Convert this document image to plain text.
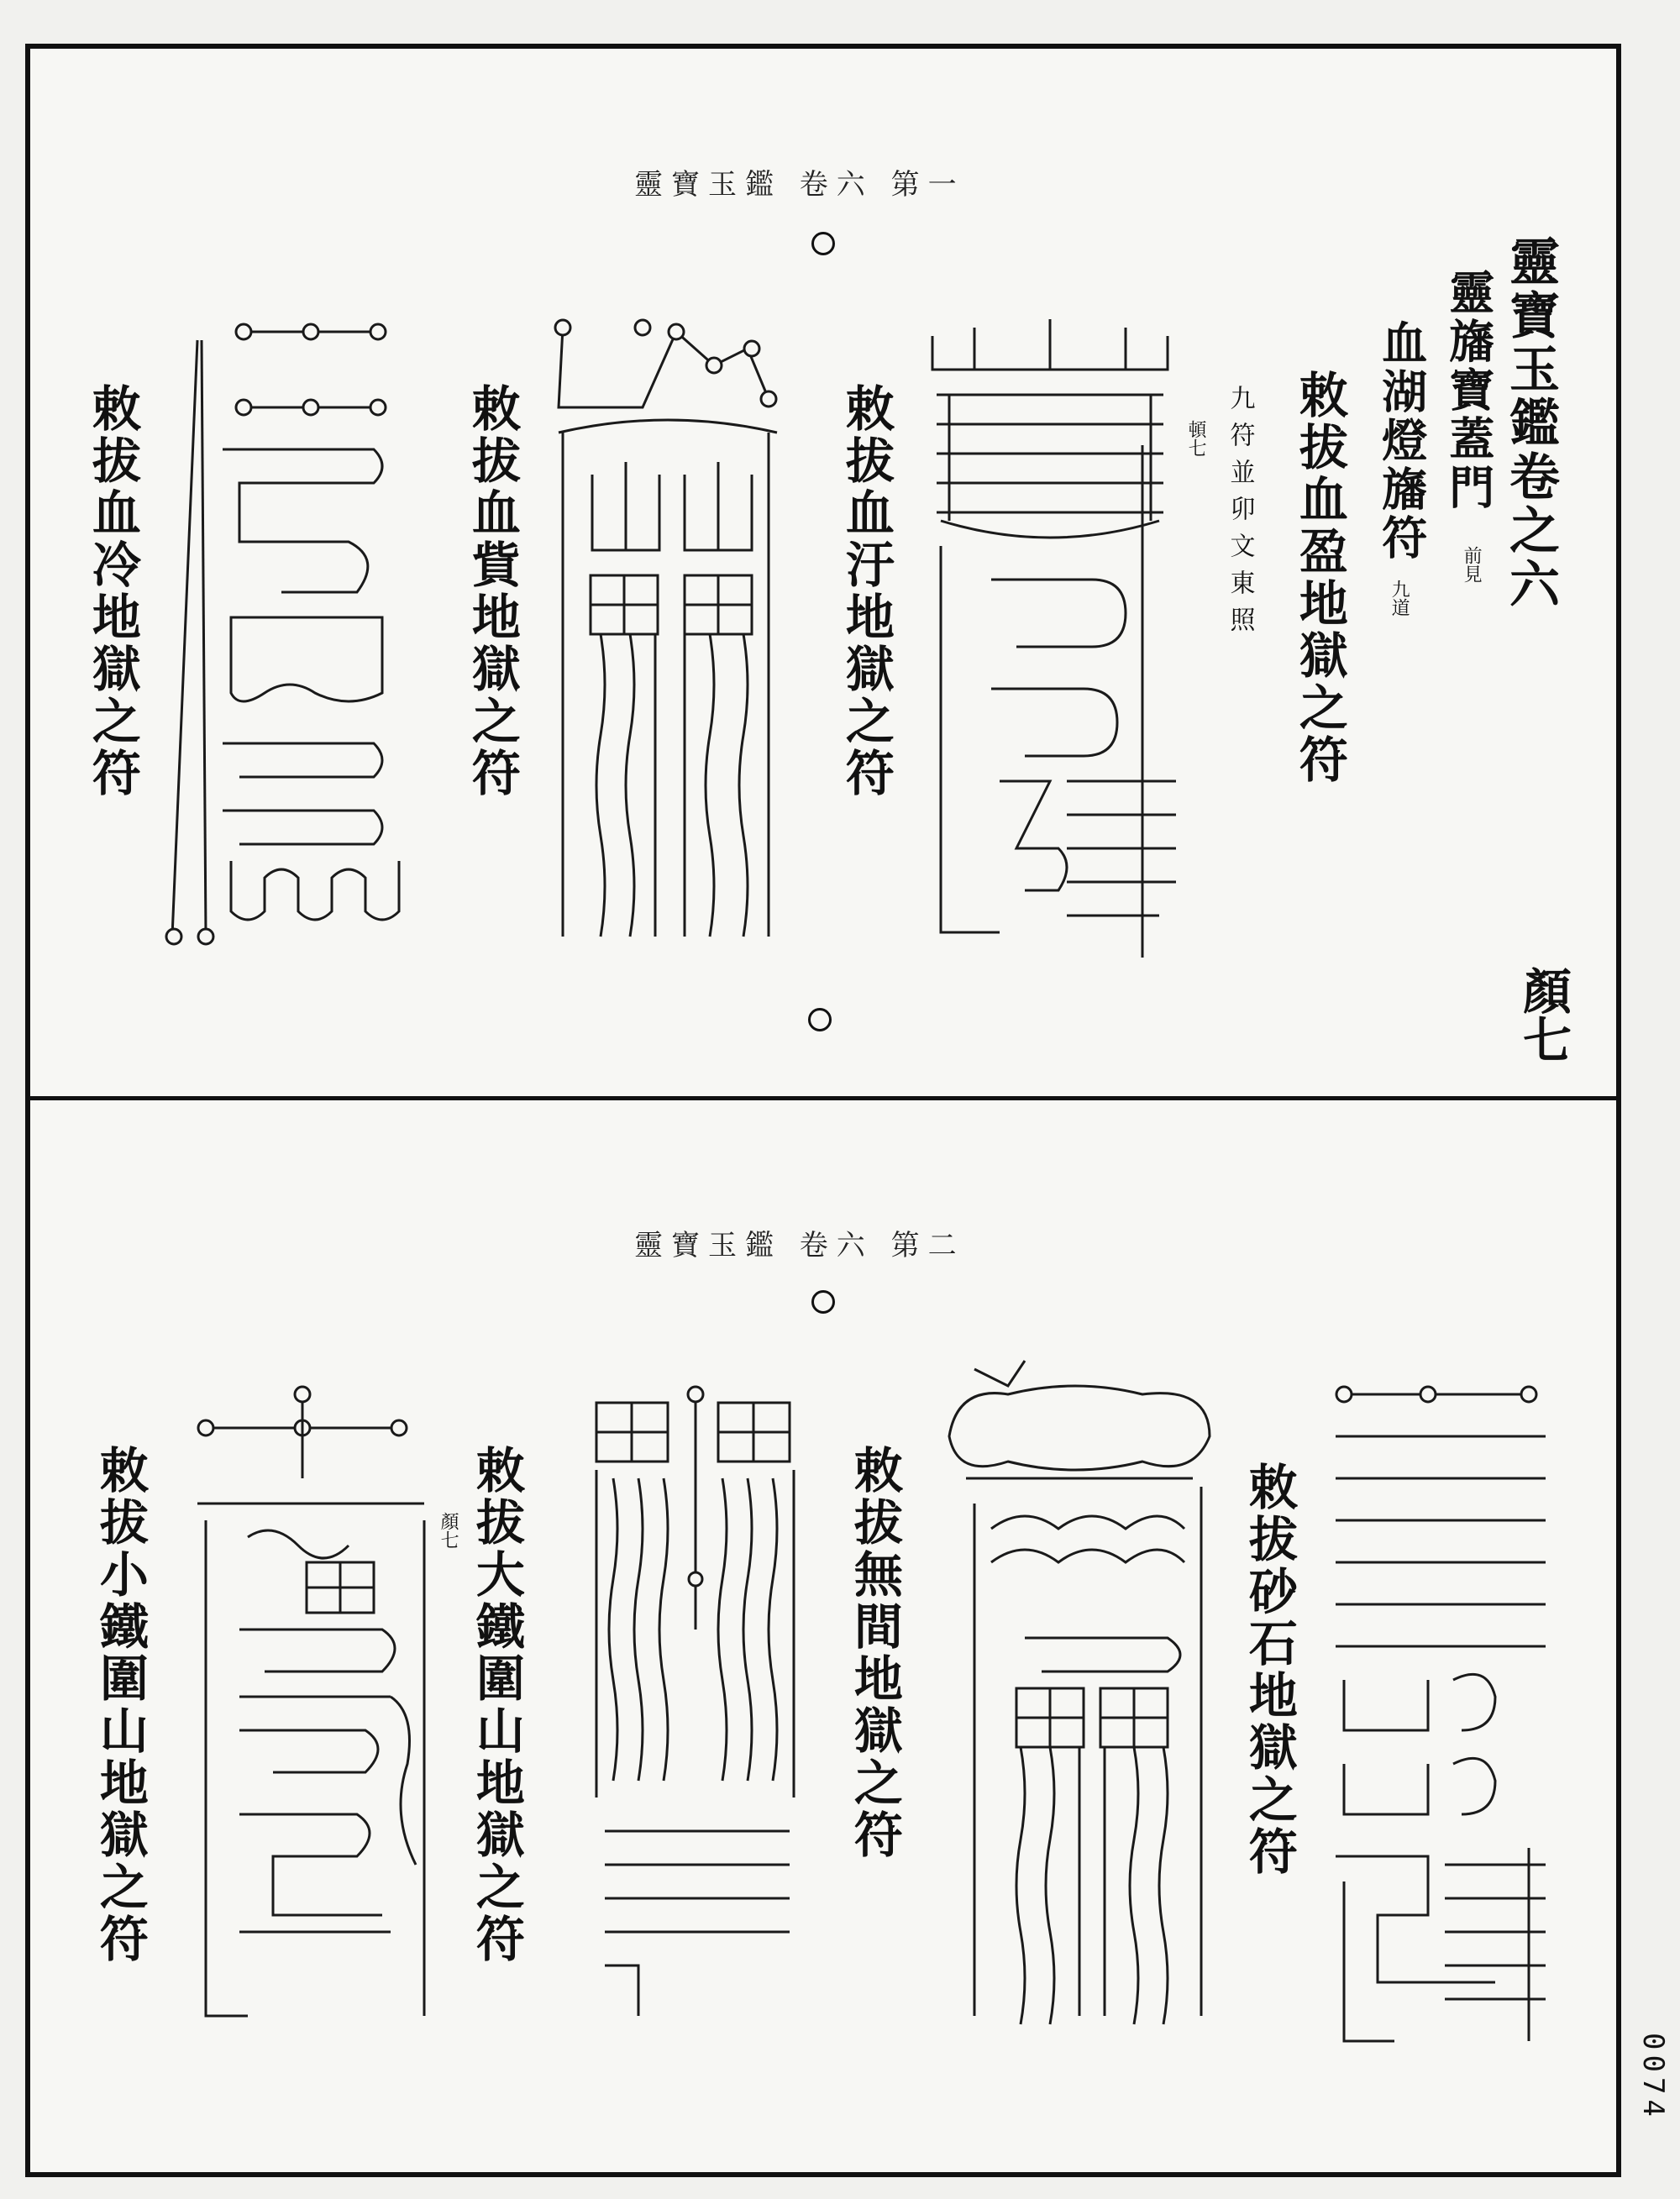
靈寶玉鑑 卷六 第一
靈寶玉鑑卷之六
靈旛寶蓋門
前見
血湖燈旛符
九道
敕拔血盈地獄之符
九符並卯文東照
頓七
敕拔血汙地獄之符
敕拔血貲地獄之符
敕拔血冷地獄之符
顏七
靈寶玉鑑 卷六 第二
敕拔砂石地獄之符
敕拔無間地獄之符
敕拔大鐵圍山地獄之符
顏七
敕拔小鐵圍山地獄之符
0074
